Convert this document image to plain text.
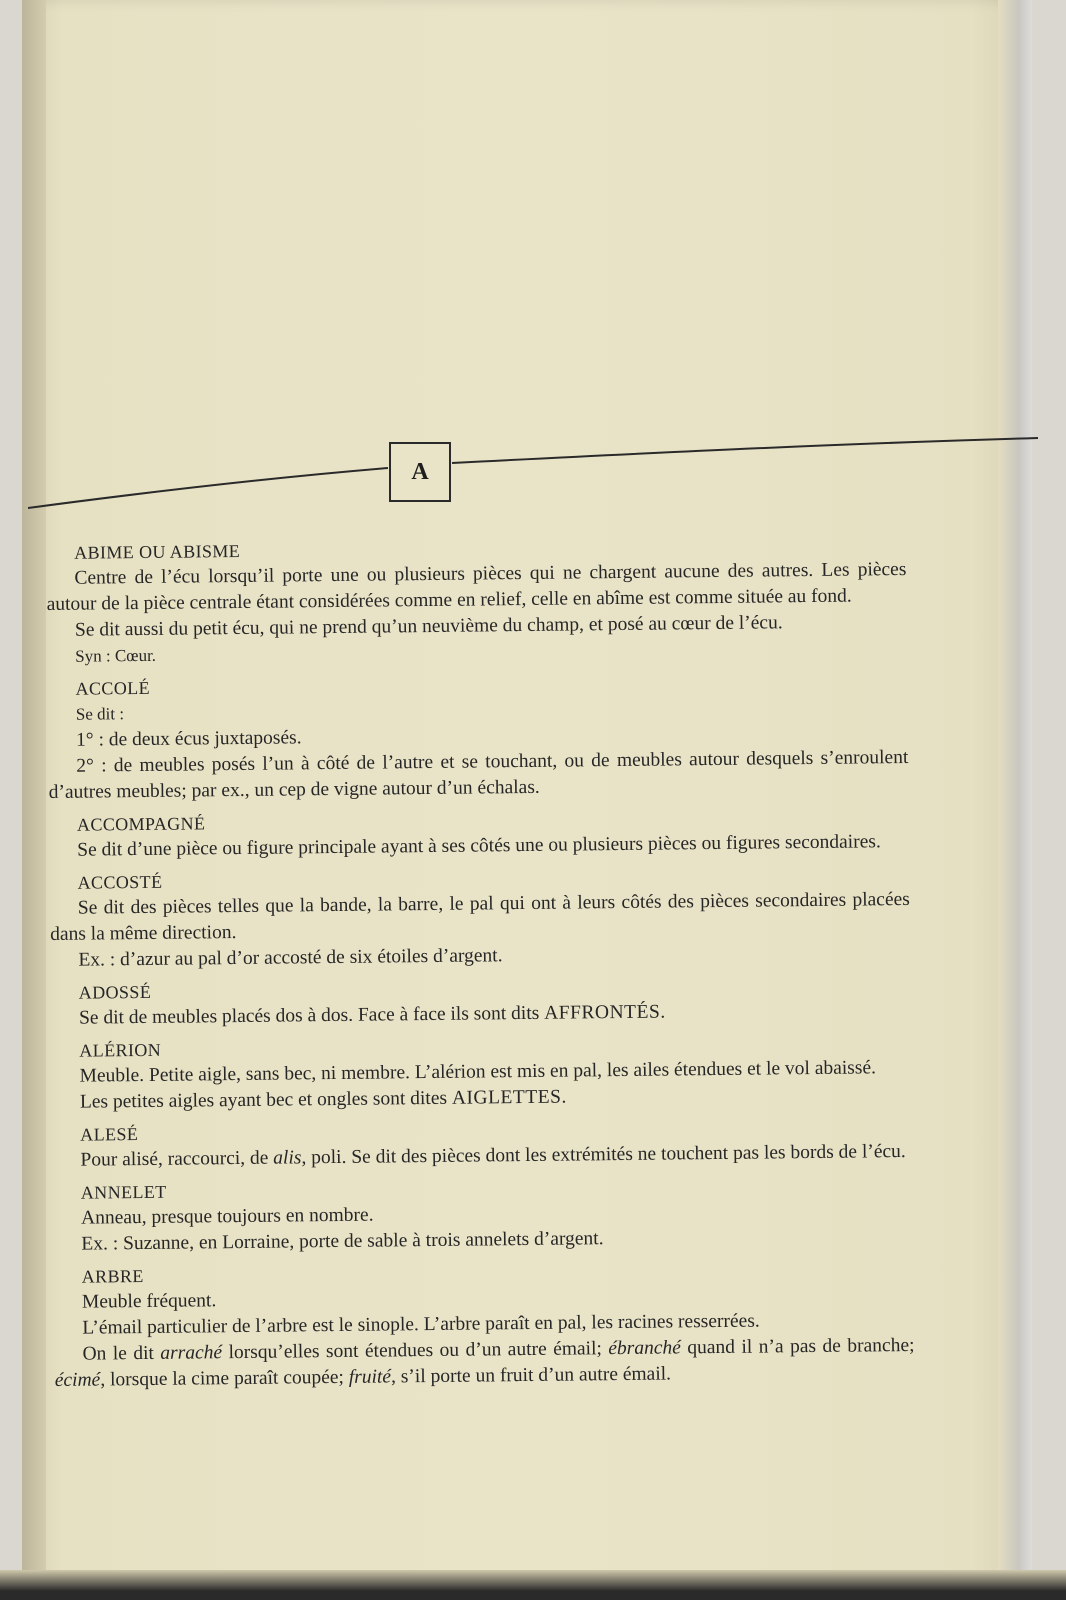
A
ABIME OU ABISME
Centre de l’écu lorsqu’il porte une ou plusieurs pièces qui ne chargent aucune des autres. Les pièces autour de la pièce centrale étant considérées comme en relief, celle en abîme est comme située au fond.
Se dit aussi du petit écu, qui ne prend qu’un neuvième du champ, et posé au cœur de l’écu.
Syn : Cœur.
ACCOLÉ
Se dit :
1° : de deux écus juxtaposés.
2° : de meubles posés l’un à côté de l’autre et se touchant, ou de meubles autour desquels s’enroulent d’autres meubles; par ex., un cep de vigne autour d’un échalas.
ACCOMPAGNÉ
Se dit d’une pièce ou figure principale ayant à ses côtés une ou plusieurs pièces ou figures secondaires.
ACCOSTÉ
Se dit des pièces telles que la bande, la barre, le pal qui ont à leurs côtés des pièces secondaires placées dans la même direction.
Ex. : d’azur au pal d’or accosté de six étoiles d’argent.
ADOSSÉ
Se dit de meubles placés dos à dos. Face à face ils sont dits AFFRONTÉS.
ALÉRION
Meuble. Petite aigle, sans bec, ni membre. L’alérion est mis en pal, les ailes étendues et le vol abaissé.
Les petites aigles ayant bec et ongles sont dites AIGLETTES.
ALESÉ
Pour alisé, raccourci, de alis, poli. Se dit des pièces dont les extrémités ne touchent pas les bords de l’écu.
ANNELET
Anneau, presque toujours en nombre.
Ex. : Suzanne, en Lorraine, porte de sable à trois annelets d’argent.
ARBRE
Meuble fréquent.
L’émail particulier de l’arbre est le sinople. L’arbre paraît en pal, les racines resserrées.
On le dit arraché lorsqu’elles sont étendues ou d’un autre émail; ébranché quand il n’a pas de branche; écimé, lorsque la cime paraît coupée; fruité, s’il porte un fruit d’un autre émail.
